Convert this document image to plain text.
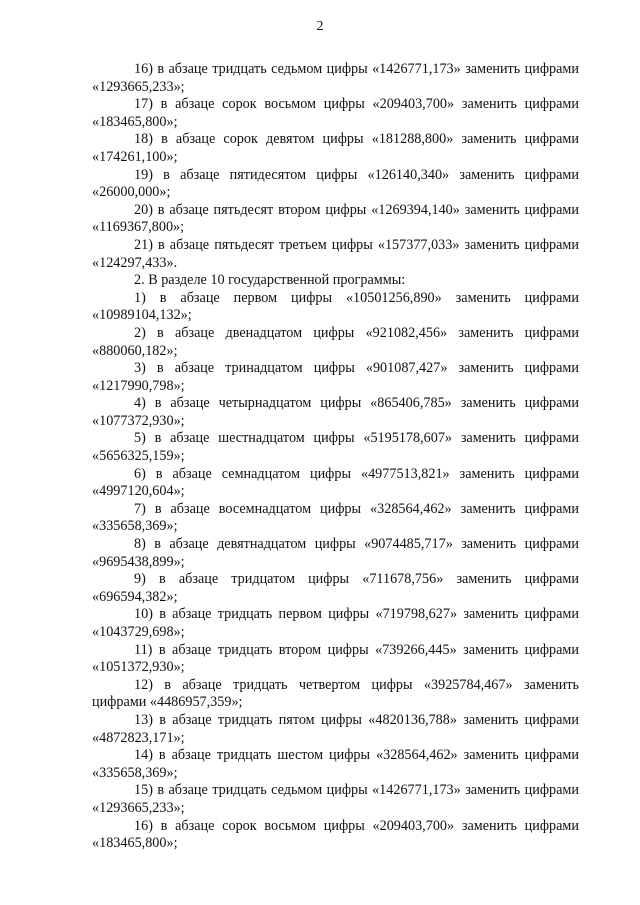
2

16) в абзаце тридцать седьмом цифры «1426771,173» заменить цифрами «1293665,233»;

17) в абзаце сорок восьмом цифры «209403,700» заменить цифрами «183465,800»;

18) в абзаце сорок девятом цифры «181288,800» заменить цифрами «174261,100»;

19) в абзаце пятидесятом цифры «126140,340» заменить цифрами «26000,000»;

20) в абзаце пятьдесят втором цифры «1269394,140» заменить цифрами «1169367,800»;

21) в абзаце пятьдесят третьем цифры «157377,033» заменить цифрами «124297,433».

2. В разделе 10 государственной программы:

1) в абзаце первом цифры «10501256,890» заменить цифрами «10989104,132»;

2) в абзаце двенадцатом цифры «921082,456» заменить цифрами «880060,182»;

3) в абзаце тринадцатом цифры «901087,427» заменить цифрами «1217990,798»;

4) в абзаце четырнадцатом цифры «865406,785» заменить цифрами «1077372,930»;

5) в абзаце шестнадцатом цифры «5195178,607» заменить цифрами «5656325,159»;

6) в абзаце семнадцатом цифры «4977513,821» заменить цифрами «4997120,604»;

7) в абзаце восемнадцатом цифры «328564,462» заменить цифрами «335658,369»;

8) в абзаце девятнадцатом цифры «9074485,717» заменить цифрами «9695438,899»;

9) в абзаце тридцатом цифры «711678,756» заменить цифрами «696594,382»;

10) в абзаце тридцать первом цифры «719798,627» заменить цифрами «1043729,698»;

11) в абзаце тридцать втором цифры «739266,445» заменить цифрами «1051372,930»;

12) в абзаце тридцать четвертом цифры «3925784,467» заменить цифрами «4486957,359»;

13) в абзаце тридцать пятом цифры «4820136,788» заменить цифрами «4872823,171»;

14) в абзаце тридцать шестом цифры «328564,462» заменить цифрами «335658,369»;

15) в абзаце тридцать седьмом цифры «1426771,173» заменить цифрами «1293665,233»;

16) в абзаце сорок восьмом цифры «209403,700» заменить цифрами «183465,800»;
